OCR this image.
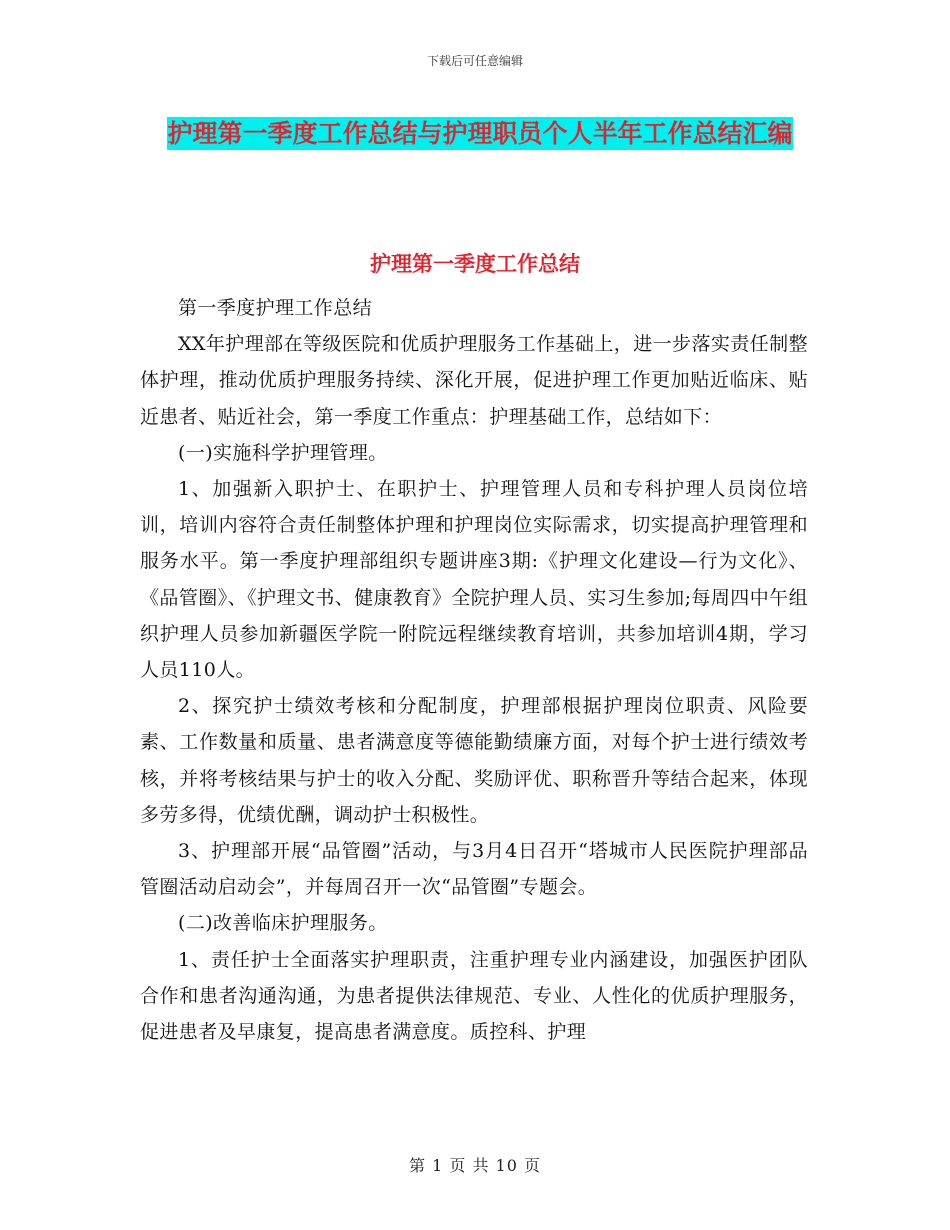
下载后可任意编辑
护理第一季度工作总结与护理职员个人半年工作总结汇编
护理第一季度工作总结

第一季度护理工作总结

XX年护理部在等级医院和优质护理服务工作基础上，进一步落实责任制整体护理，推动优质护理服务持续、深化开展，促进护理工作更加贴近临床、贴近患者、贴近社会，第一季度工作重点：护理基础工作，总结如下：

(一)实施科学护理管理。

1、加强新入职护士、在职护士、护理管理人员和专科护理人员岗位培训，培训内容符合责任制整体护理和护理岗位实际需求，切实提高护理管理和服务水平。第一季度护理部组织专题讲座3期:《护理文化建设—行为文化》、《品管圈》、《护理文书、健康教育》全院护理人员、实习生参加;每周四中午组织护理人员参加新疆医学院一附院远程继续教育培训，共参加培训4期，学习人员110人。

2、探究护士绩效考核和分配制度，护理部根据护理岗位职责、风险要素、工作数量和质量、患者满意度等德能勤绩廉方面，对每个护士进行绩效考核，并将考核结果与护士的收入分配、奖励评优、职称晋升等结合起来，体现多劳多得，优绩优酬，调动护士积极性。

3、护理部开展“品管圈”活动，与3月4日召开“塔城市人民医院护理部品管圈活动启动会”，并每周召开一次“品管圈”专题会。

(二)改善临床护理服务。

1、责任护士全面落实护理职责，注重护理专业内涵建设，加强医护团队合作和患者沟通沟通，为患者提供法律规范、专业、人性化的优质护理服务，促进患者及早康复，提高患者满意度。质控科、护理

第 1 页 共 10 页
